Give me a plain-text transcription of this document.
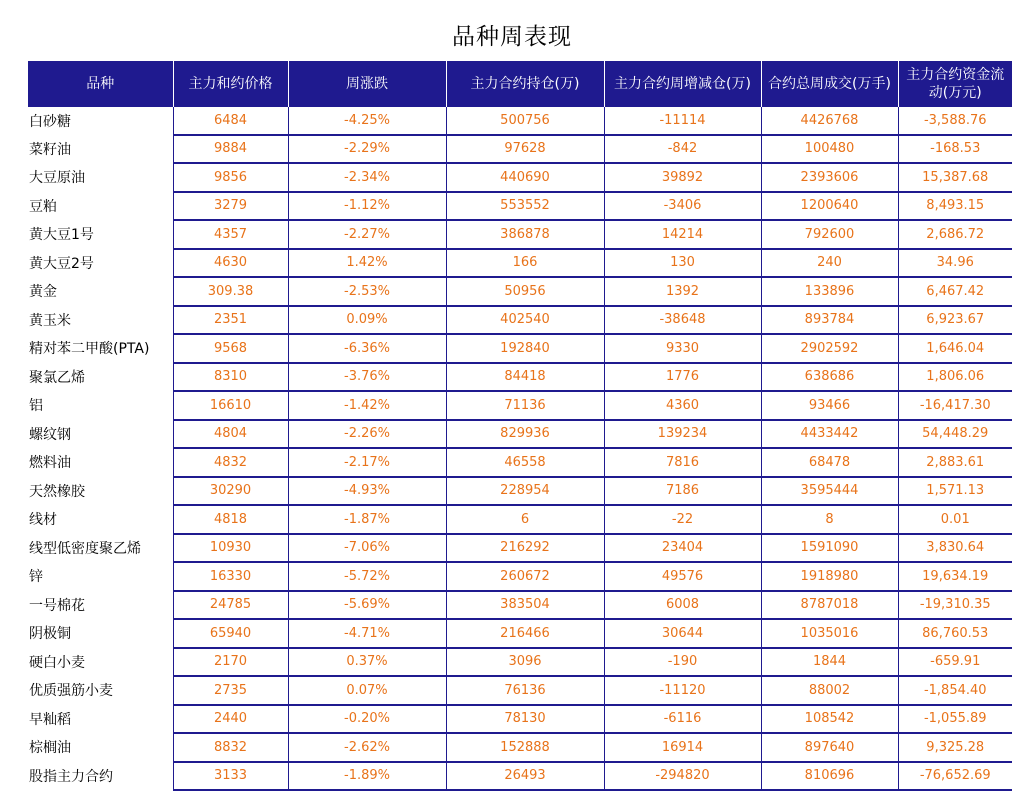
品种周表现
品种	主力和约价格	周涨跌	主力合约持仓(万)	主力合约周增减仓(万)	合约总周成交(万手)	主力合约资金流动(万元)
白砂糖	6484	-4.25%	500756	-11114	4426768	-3,588.76
菜籽油	9884	-2.29%	97628	-842	100480	-168.53
大豆原油	9856	-2.34%	440690	39892	2393606	15,387.68
豆粕	3279	-1.12%	553552	-3406	1200640	8,493.15
黄大豆1号	4357	-2.27%	386878	14214	792600	2,686.72
黄大豆2号	4630	1.42%	166	130	240	34.96
黄金	309.38	-2.53%	50956	1392	133896	6,467.42
黄玉米	2351	0.09%	402540	-38648	893784	6,923.67
精对苯二甲酸(PTA)	9568	-6.36%	192840	9330	2902592	1,646.04
聚氯乙烯	8310	-3.76%	84418	1776	638686	1,806.06
铝	16610	-1.42%	71136	4360	93466	-16,417.30
螺纹钢	4804	-2.26%	829936	139234	4433442	54,448.29
燃料油	4832	-2.17%	46558	7816	68478	2,883.61
天然橡胶	30290	-4.93%	228954	7186	3595444	1,571.13
线材	4818	-1.87%	6	-22	8	0.01
线型低密度聚乙烯	10930	-7.06%	216292	23404	1591090	3,830.64
锌	16330	-5.72%	260672	49576	1918980	19,634.19
一号棉花	24785	-5.69%	383504	6008	8787018	-19,310.35
阴极铜	65940	-4.71%	216466	30644	1035016	86,760.53
硬白小麦	2170	0.37%	3096	-190	1844	-659.91
优质强筋小麦	2735	0.07%	76136	-11120	88002	-1,854.40
早籼稻	2440	-0.20%	78130	-6116	108542	-1,055.89
棕榈油	8832	-2.62%	152888	16914	897640	9,325.28
股指主力合约	3133	-1.89%	26493	-294820	810696	-76,652.69
